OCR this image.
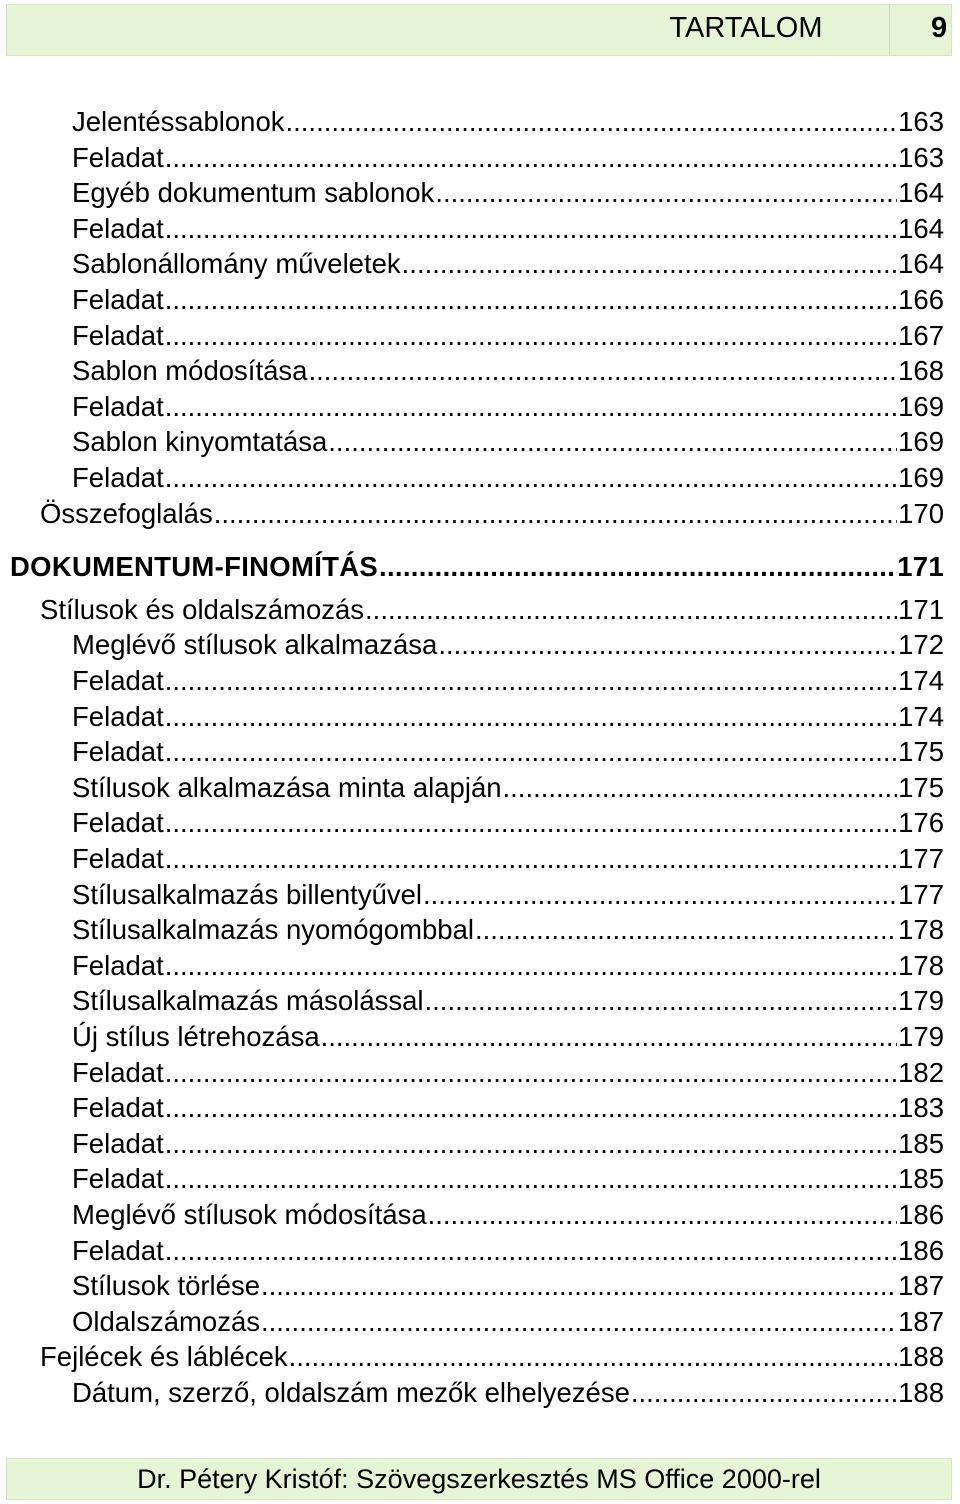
TARTALOM	9
Jelentéssablonok .....	163
Feladat .....	163
Egyéb dokumentum sablonok .....	164
Feladat .....	164
Sablonállomány műveletek .....	164
Feladat .....	166
Feladat .....	167
Sablon módosítása .....	168
Feladat .....	169
Sablon kinyomtatása .....	169
Feladat .....	169
Összefoglalás .....	170
DOKUMENTUM-FINOMÍTÁS .....	171
Stílusok és oldalszámozás .....	171
Meglévő stílusok alkalmazása .....	172
Feladat .....	174
Feladat .....	174
Feladat .....	175
Stílusok alkalmazása minta alapján .....	175
Feladat .....	176
Feladat .....	177
Stílusalkalmazás billentyűvel .....	177
Stílusalkalmazás nyomógombbal .....	178
Feladat .....	178
Stílusalkalmazás másolással .....	179
Új stílus létrehozása .....	179
Feladat .....	182
Feladat .....	183
Feladat .....	185
Feladat .....	185
Meglévő stílusok módosítása .....	186
Feladat .....	186
Stílusok törlése .....	187
Oldalszámozás .....	187
Fejlécek és láblécek .....	188
Dátum, szerző, oldalszám mezők elhelyezése .....	188
Dr. Pétery Kristóf: Szövegszerkesztés MS Office 2000-rel
